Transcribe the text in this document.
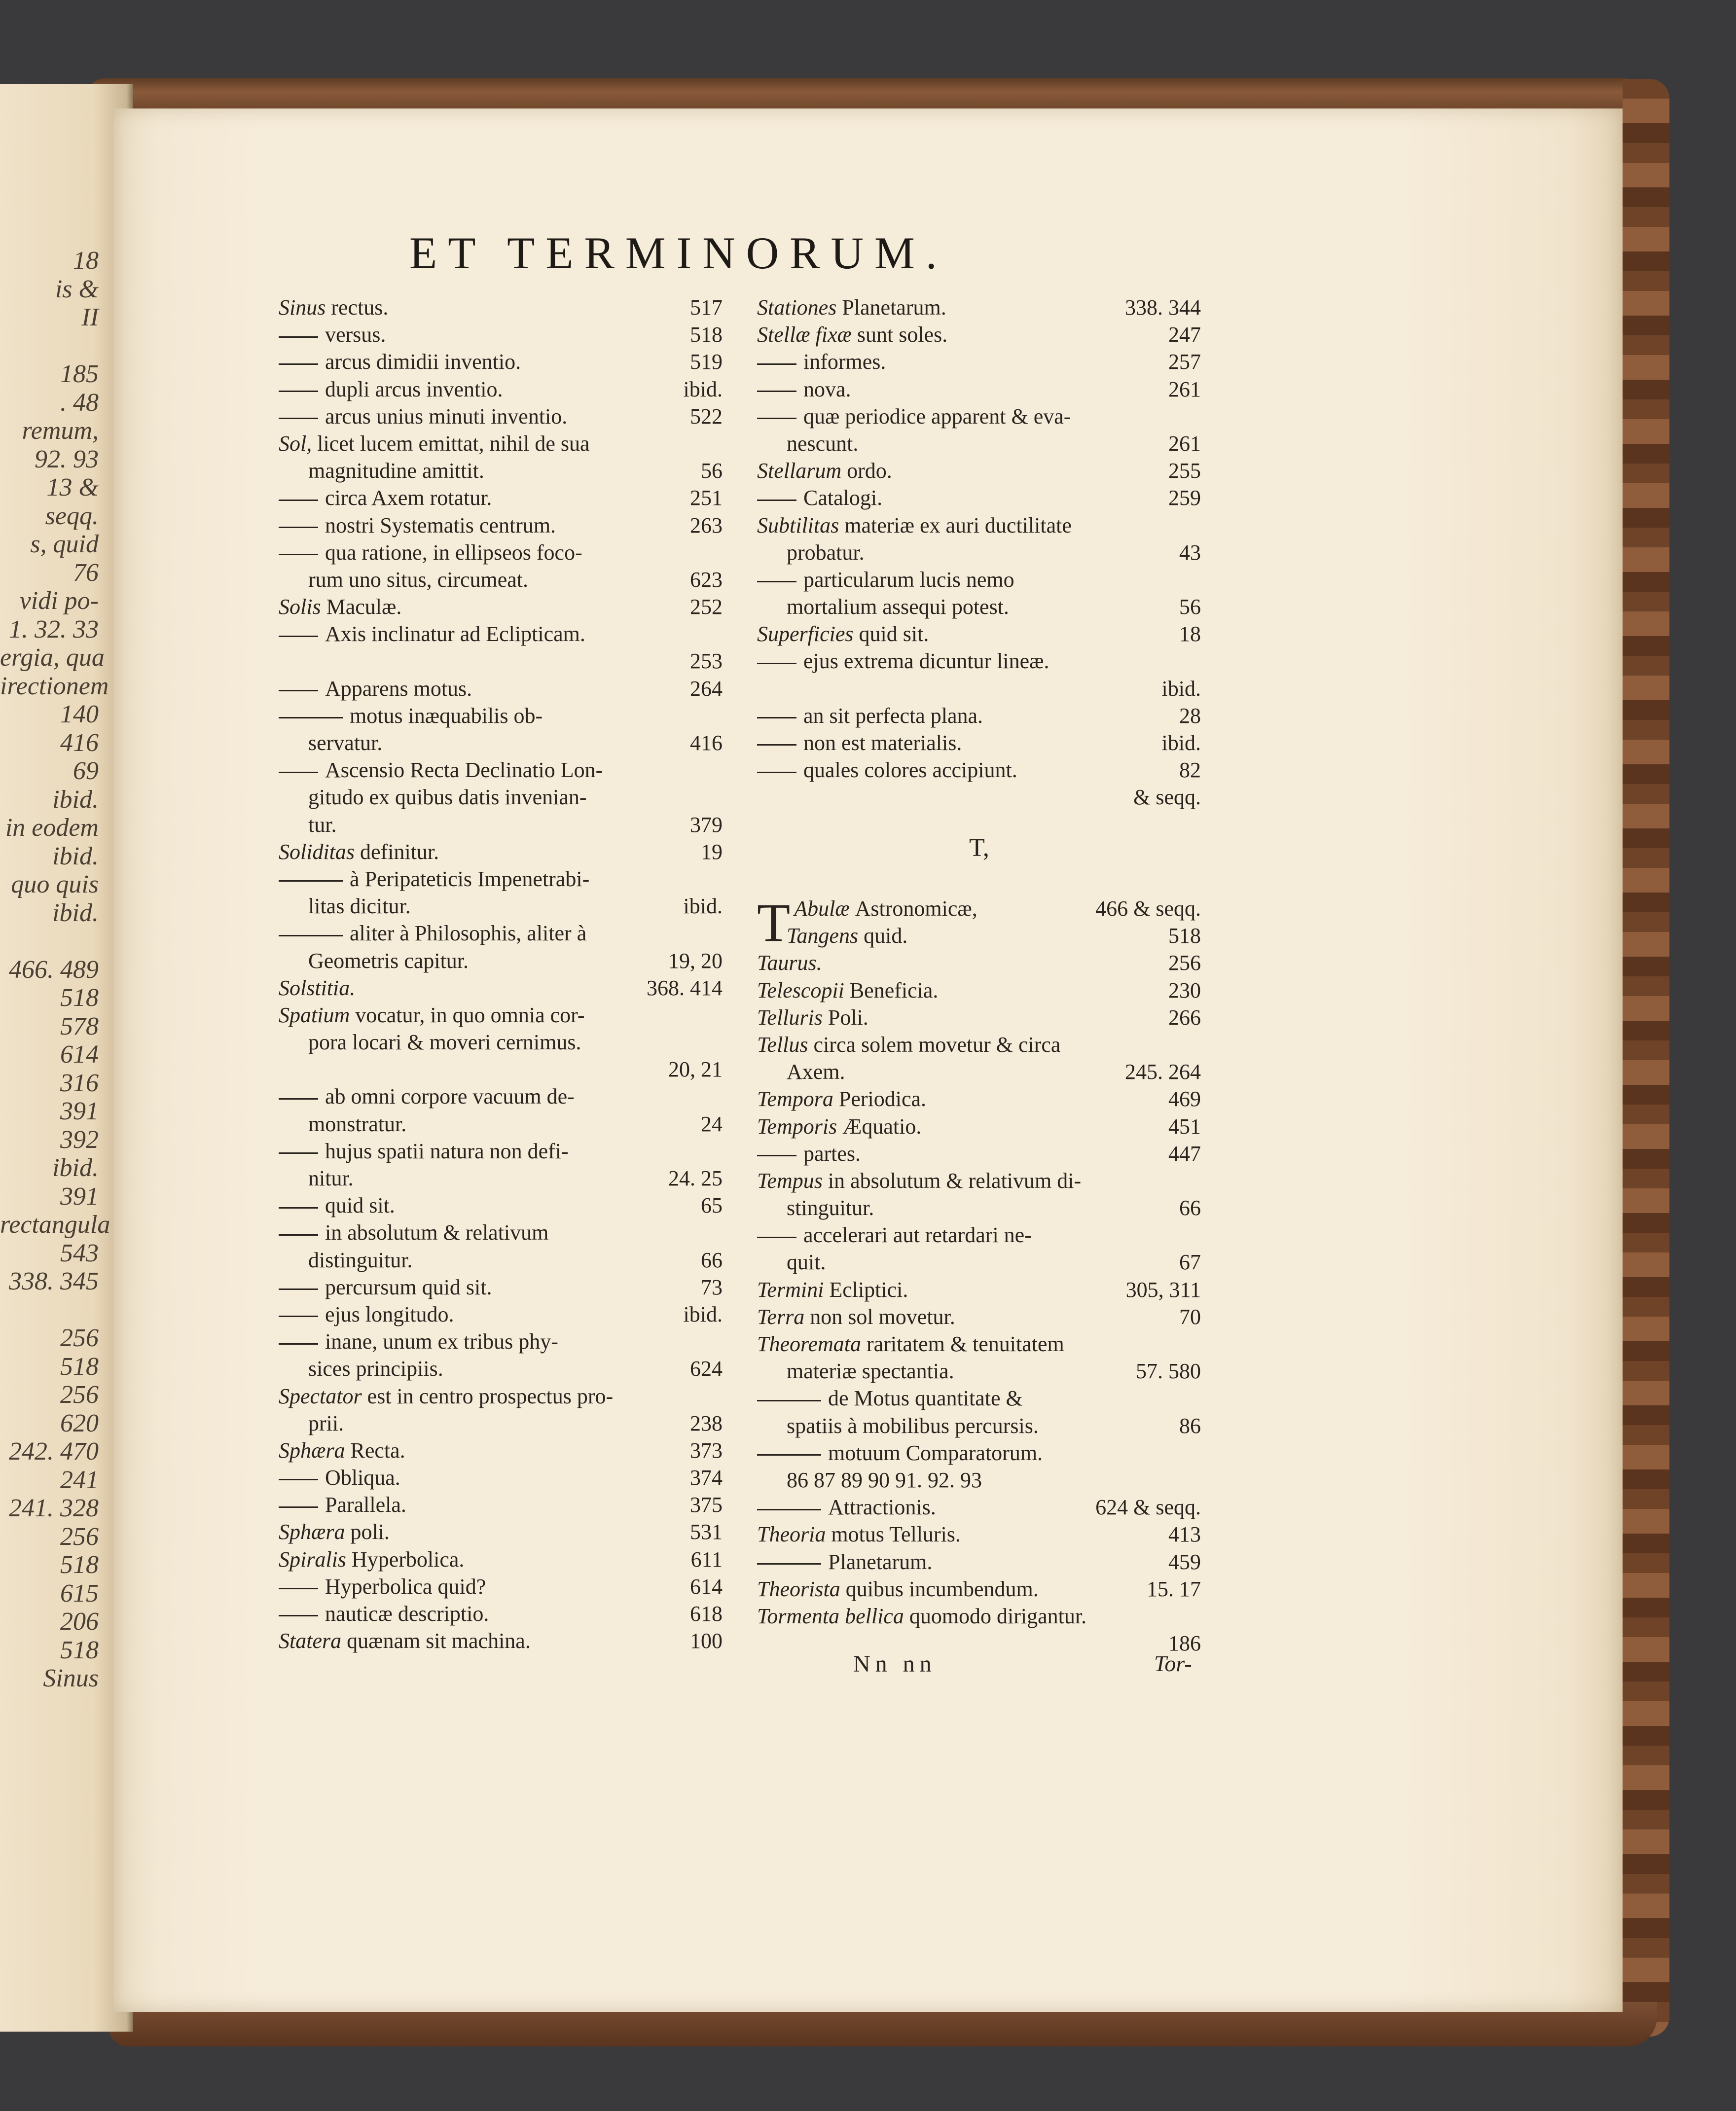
18
is &
II

185
. 48
remum,
92. 93
13 &
seqq.
s, quid
76
vidi po-
1. 32. 33
ergia, qua
irectionem
140
416
69
ibid.
in eodem
ibid.
quo quis
ibid.

466. 489
518
578
614
316
391
392
ibid.
391
rectangula
543
338. 345

256
518
256
620
242. 470
241
241. 328
256
518
615
206
518
Sinus
ET TERMINORUM.
Sinus rectus.	517
versus.	518
arcus dimidii inventio.	519
dupli arcus inventio.	ibid.
arcus unius minuti inventio.	522
Sol, licet lucem emittat, nihil de sua
magnitudine amittit.	56
circa Axem rotatur.	251
nostri Systematis centrum.	263
qua ratione, in ellipseos foco-
rum uno situs, circumeat.	623
Solis Maculæ.	252
Axis inclinatur ad Eclipticam.
253
Apparens motus.	264
motus inæquabilis ob-
servatur.	416
Ascensio Recta Declinatio Lon-
gitudo ex quibus datis invenian-
tur.	379
Soliditas definitur.	19
à Peripateticis Impenetrabi-
litas dicitur.	ibid.
aliter à Philosophis, aliter à
Geometris capitur.	19, 20
Solstitia.	368. 414
Spatium vocatur, in quo omnia cor-
pora locari & moveri cernimus.
20, 21
ab omni corpore vacuum de-
monstratur.	24
hujus spatii natura non defi-
nitur.	24. 25
quid sit.	65
in absolutum & relativum
distinguitur.	66
percursum quid sit.	73
ejus longitudo.	ibid.
inane, unum ex tribus phy-
sices principiis.	624
Spectator est in centro prospectus pro-
prii.	238
Sphæra Recta.	373
Obliqua.	374
Parallela.	375
Sphæra poli.	531
Spiralis Hyperbolica.	611
Hyperbolica quid?	614
nauticæ descriptio.	618
Statera quænam sit machina.	100
Stationes Planetarum.	338. 344
Stellæ fixæ sunt soles.	247
informes.	257
nova.	261
quæ periodice apparent & eva-
nescunt.	261
Stellarum ordo.	255
Catalogi.	259
Subtilitas materiæ ex auri ductilitate
probatur.	43
particularum lucis nemo
mortalium assequi potest.	56
Superficies quid sit.	18
ejus extrema dicuntur lineæ.
ibid.
an sit perfecta plana.	28
non est materialis.	ibid.
quales colores accipiunt.	82
& seqq.
T,
T Abulæ Astronomicæ,	466 & seqq.
Tangens quid.	518
Taurus.	256
Telescopii Beneficia.	230
Telluris Poli.	266
Tellus circa solem movetur & circa
Axem.	245. 264
Tempora Periodica.	469
Temporis Æquatio.	451
partes.	447
Tempus in absolutum & relativum di-
stinguitur.	66
accelerari aut retardari ne-
quit.	67
Termini Ecliptici.	305, 311
Terra non sol movetur.	70
Theoremata raritatem & tenuitatem
materiæ spectantia.	57. 580
de Motus quantitate &
spatiis à mobilibus percursis.	86
motuum Comparatorum.
86 87 89 90 91. 92. 93
Attractionis.	624 & seqq.
Theoria motus Telluris.	413
Planetarum.	459
Theorista quibus incumbendum.	15. 17
Tormenta bellica quomodo dirigantur.
186
Nn nn	Tor-
